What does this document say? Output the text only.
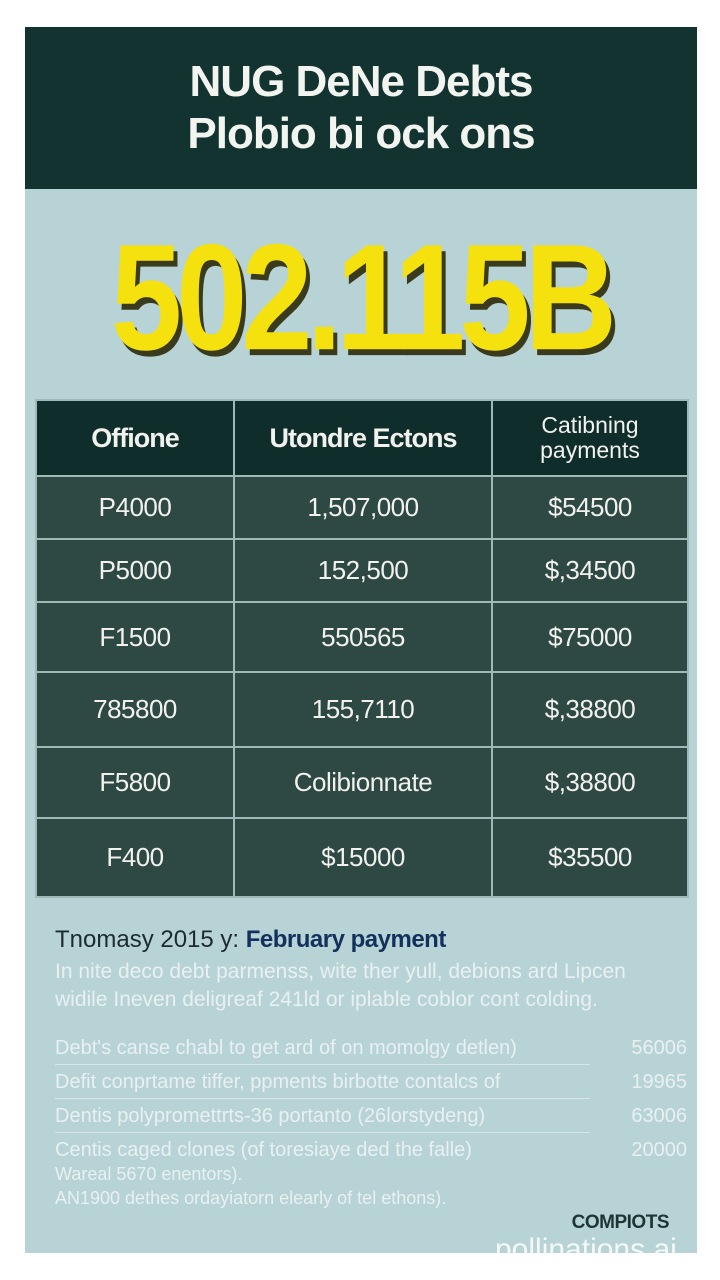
NUG DeNe Debts
Plobio bi ock ons
502.115B
Offione	Utondre Ectons	Catibning payments
P4000	1,507,000	$54500
P5000	152,500	$,34500
F1500	550565	$75000
785800	155,7110	$,38800
F5800	Colibionnate	$,38800
F400	$15000	$35500
Tnomasy 2015 y: February payment
In nite deco debt parmenss, wite ther yull, debions ard Lipcen
widile Ineven deligreaf 241ld or iplable coblor cont colding.
Debt's canse chabl to get ard of on momolgy detlen)	56006
Defit conprtame tiffer, ppments birbotte contalcs of	19965
Dentis polypromettrts-36 portanto (26lorstydeng)	63006
Centis caged clones (of toresiaye ded the falle)	20000
Wareal 5670 enentors).
AN1900 dethes ordayiatorn elearly of tel ethons).
COMPIOTS
pollinations.ai
